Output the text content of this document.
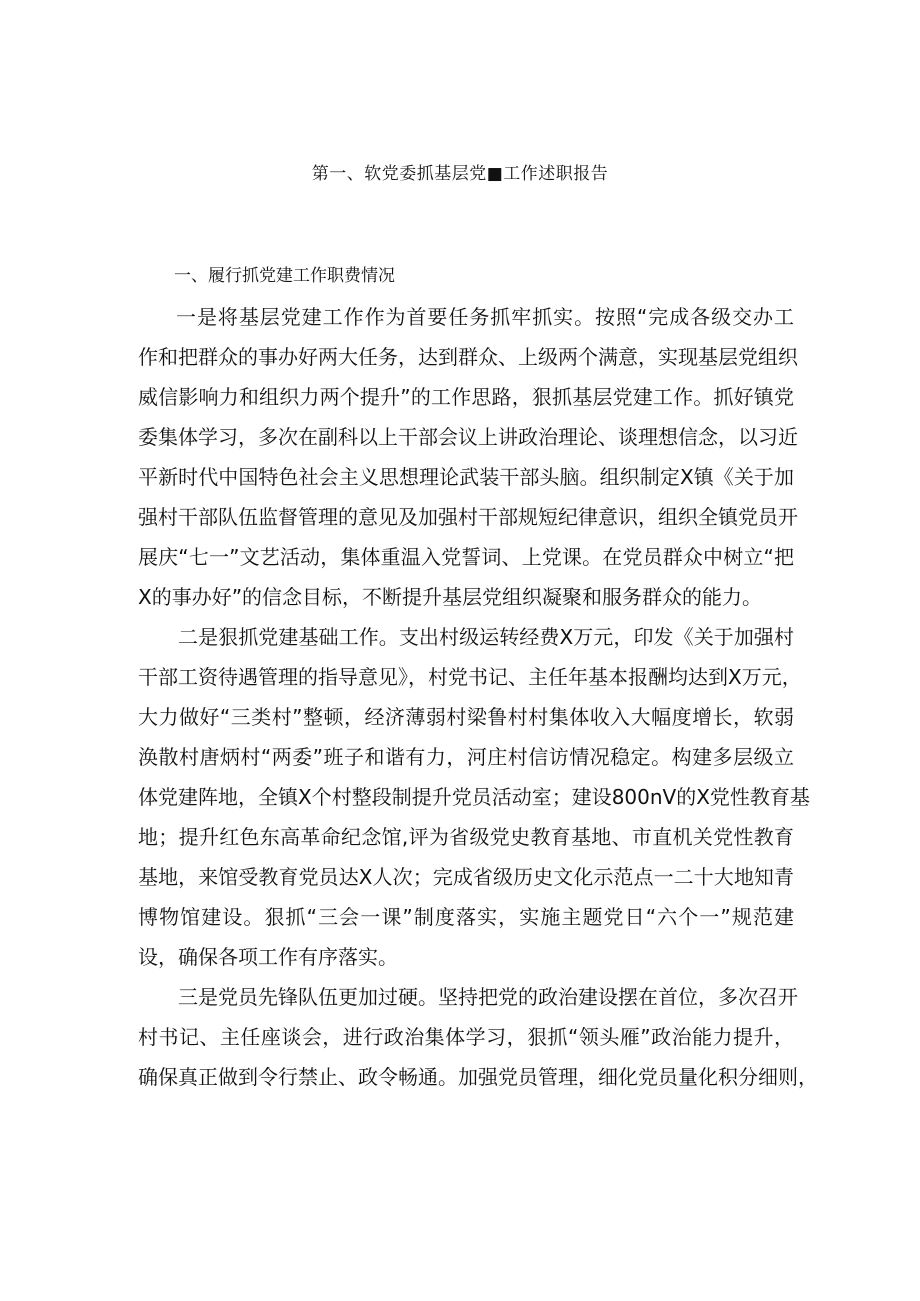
第一、软党委抓基层党■工作述职报告
一、履行抓党建工作职费情况
一是将基层党建工作作为首要任务抓牢抓实。按照“完成各级交办工
作和把群众的事办好两大任务，达到群众、上级两个满意，实现基层党组织
威信影响力和组织力两个提升”的工作思路，狠抓基层党建工作。抓好镇党
委集体学习，多次在副科以上干部会议上讲政治理论、谈理想信念，以习近
平新时代中国特色社会主义思想理论武装干部头脑。组织制定X镇《关于加
强村干部队伍监督管理的意见及加强村干部规短纪律意识，组织全镇党员开
展庆“七一”文艺活动，集体重温入党誓词、上党课。在党员群众中树立“把
X的事办好”的信念目标，不断提升基层党组织凝聚和服务群众的能力。
二是狠抓党建基础工作。支出村级运转经费X万元，印发《关于加强村
干部工资待遇管理的指导意见》，村党书记、主任年基本报酬均达到X万元，
大力做好“三类村”整顿，经济薄弱村梁鲁村村集体收入大幅度增长，软弱
涣散村唐炳村“两委”班子和谐有力，河庄村信访情况稳定。构建多层级立
体党建阵地，全镇X个村整段制提升党员活动室；建设800nV的X党性教育基
地；提升红色东高革命纪念馆,评为省级党史教育基地、市直机关党性教育
基地，来馆受教育党员达X人次；完成省级历史文化示范点一二十大地知青
博物馆建设。狠抓“三会一课”制度落实，实施主题党日“六个一”规范建
设，确保各项工作有序落实。
三是党员先锋队伍更加过硬。坚持把党的政治建设摆在首位，多次召开
村书记、主任座谈会，进行政治集体学习，狠抓“领头雁”政治能力提升，
确保真正做到令行禁止、政令畅通。加强党员管理，细化党员量化积分细则，
